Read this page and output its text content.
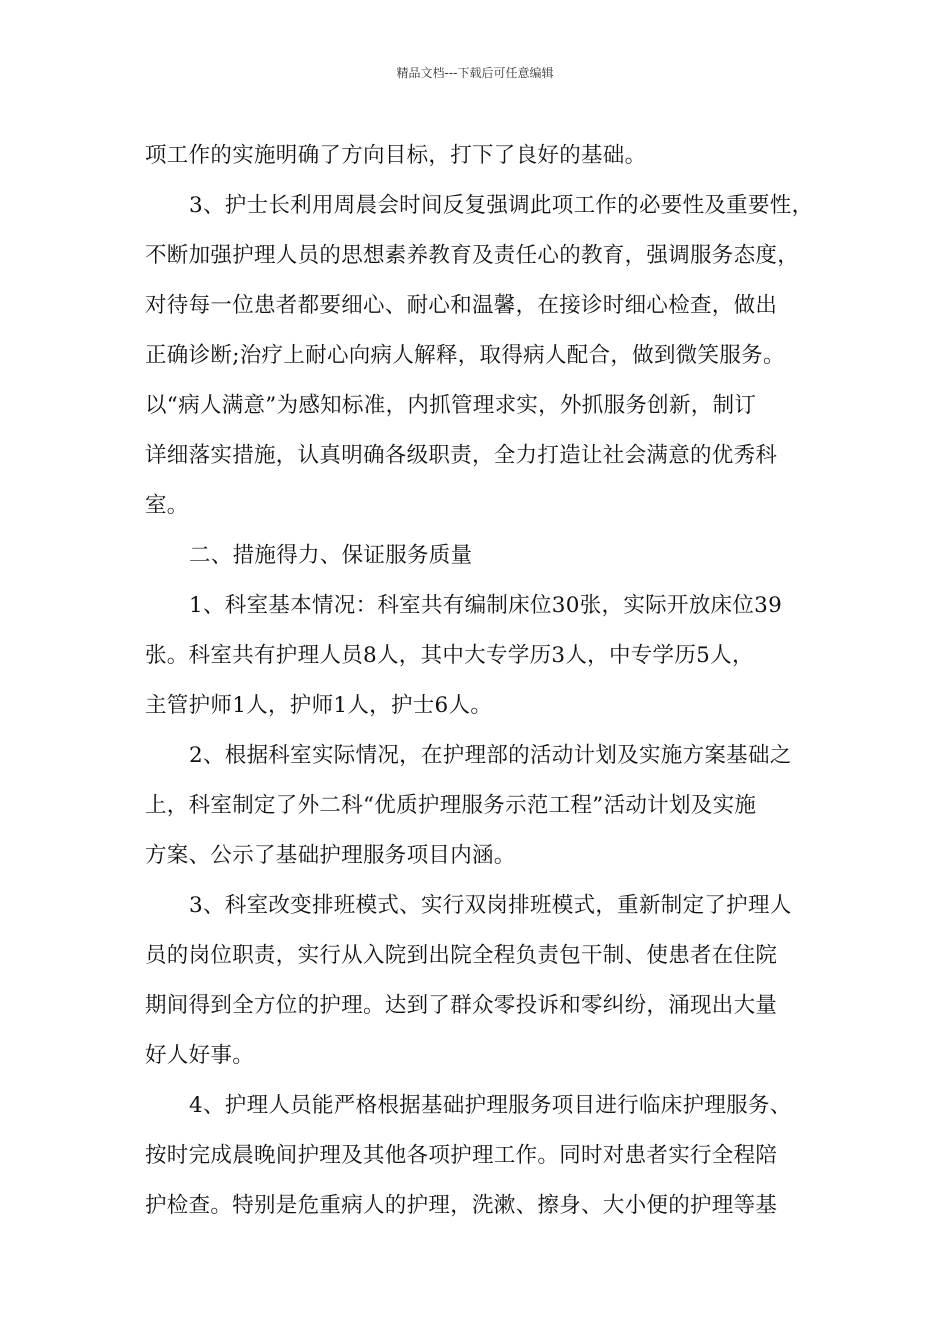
精品文档---下载后可任意编辑
项工作的实施明确了方向目标，打下了良好的基础。
3、护士长利用周晨会时间反复强调此项工作的必要性及重要性，
不断加强护理人员的思想素养教育及责任心的教育，强调服务态度，
对待每一位患者都要细心、耐心和温馨，在接诊时细心检查，做出
正确诊断;治疗上耐心向病人解释，取得病人配合，做到微笑服务。
以“病人满意”为感知标准，内抓管理求实，外抓服务创新，制订
详细落实措施，认真明确各级职责，全力打造让社会满意的优秀科
室。
二、措施得力、保证服务质量
1、科室基本情况：科室共有编制床位30张，实际开放床位39
张。科室共有护理人员8人，其中大专学历3人，中专学历5人，
主管护师1人，护师1人，护士6人。
2、根据科室实际情况，在护理部的活动计划及实施方案基础之
上，科室制定了外二科“优质护理服务示范工程”活动计划及实施
方案、公示了基础护理服务项目内涵。
3、科室改变排班模式、实行双岗排班模式，重新制定了护理人
员的岗位职责，实行从入院到出院全程负责包干制、使患者在住院
期间得到全方位的护理。达到了群众零投诉和零纠纷，涌现出大量
好人好事。
4、护理人员能严格根据基础护理服务项目进行临床护理服务、
按时完成晨晚间护理及其他各项护理工作。同时对患者实行全程陪
护检查。特别是危重病人的护理，洗漱、擦身、大小便的护理等基
